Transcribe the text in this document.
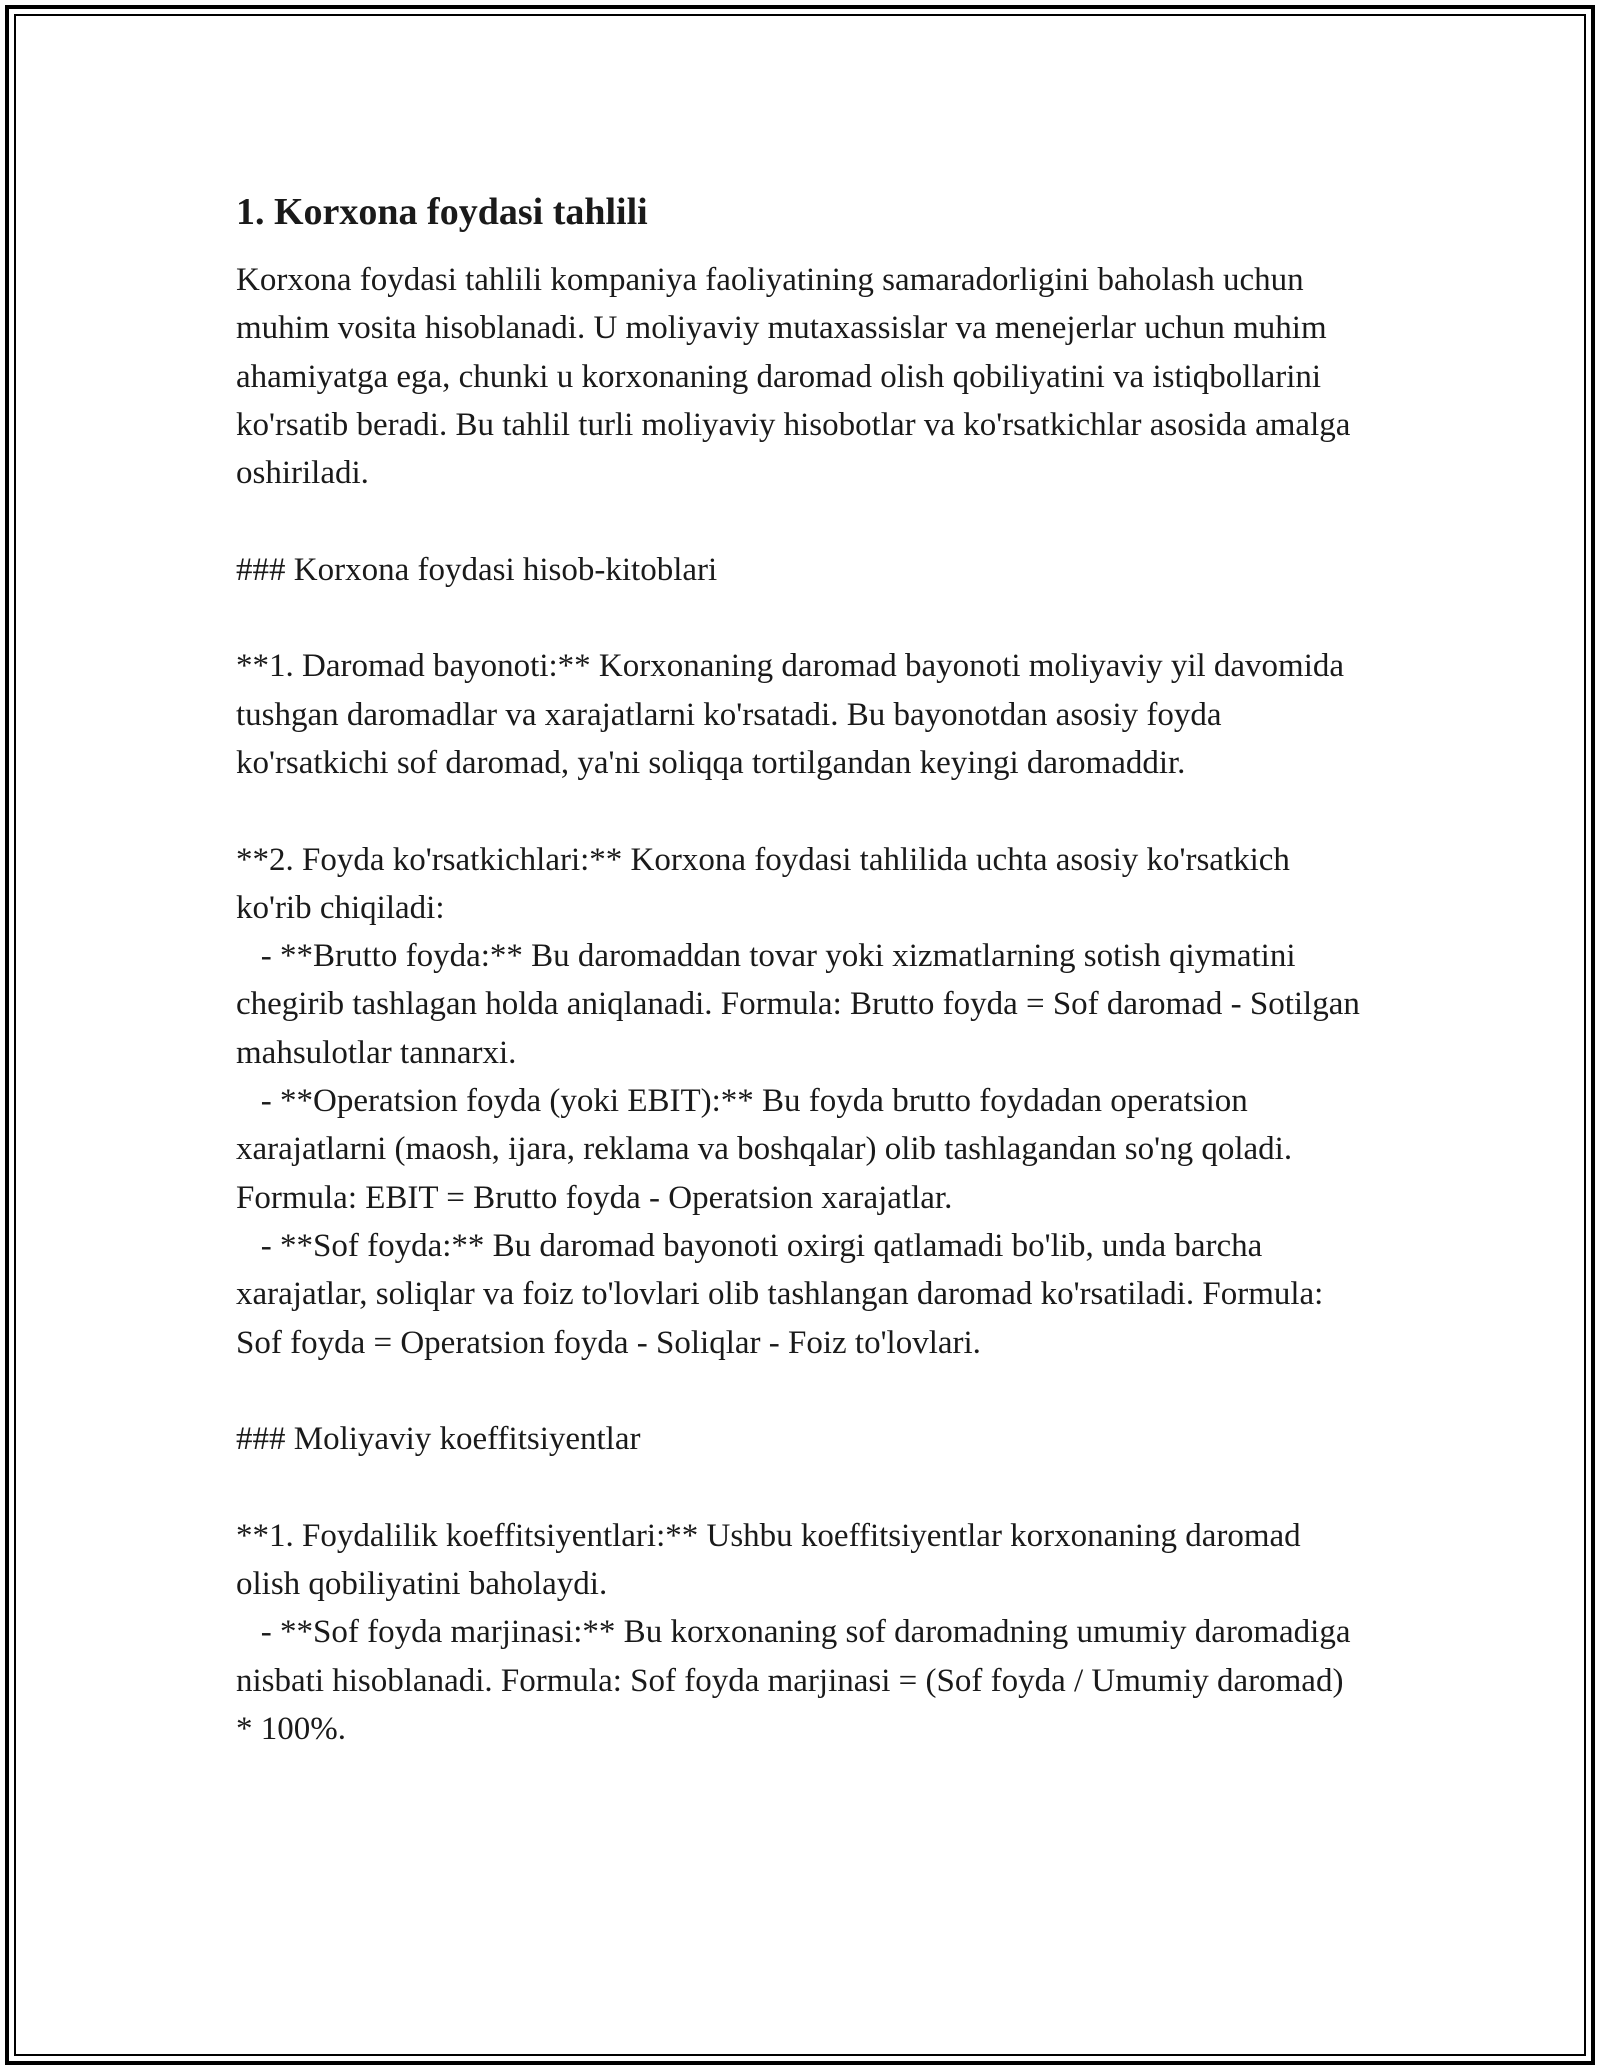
1. Korxona foydasi tahlili

Korxona foydasi tahlili kompaniya faoliyatining samaradorligini baholash uchun muhim vosita hisoblanadi. U moliyaviy mutaxassislar va menejerlar uchun muhim ahamiyatga ega, chunki u korxonaning daromad olish qobiliyatini va istiqbollarini ko'rsatib beradi. Bu tahlil turli moliyaviy hisobotlar va ko'rsatkichlar asosida amalga oshiriladi.

### Korxona foydasi hisob-kitoblari

**1. Daromad bayonoti:** Korxonaning daromad bayonoti moliyaviy yil davomida tushgan daromadlar va xarajatlarni ko'rsatadi. Bu bayonotdan asosiy foyda ko'rsatkichi sof daromad, ya'ni soliqqa tortilgandan keyingi daromaddir.

**2. Foyda ko'rsatkichlari:** Korxona foydasi tahlilida uchta asosiy ko'rsatkich ko'rib chiqiladi:

- **Brutto foyda:** Bu daromaddan tovar yoki xizmatlarning sotish qiymatini chegirib tashlagan holda aniqlanadi. Formula: Brutto foyda = Sof daromad - Sotilgan mahsulotlar tannarxi.

- **Operatsion foyda (yoki EBIT):** Bu foyda brutto foydadan operatsion xarajatlarni (maosh, ijara, reklama va boshqalar) olib tashlagandan so'ng qoladi. Formula: EBIT = Brutto foyda - Operatsion xarajatlar.

- **Sof foyda:** Bu daromad bayonoti oxirgi qatlamadi bo'lib, unda barcha xarajatlar, soliqlar va foiz to'lovlari olib tashlangan daromad ko'rsatiladi. Formula: Sof foyda = Operatsion foyda - Soliqlar - Foiz to'lovlari.

### Moliyaviy koeffitsiyentlar

**1. Foydalilik koeffitsiyentlari:** Ushbu koeffitsiyentlar korxonaning daromad olish qobiliyatini baholaydi.

- **Sof foyda marjinasi:** Bu korxonaning sof daromadning umumiy daromadiga nisbati hisoblanadi. Formula: Sof foyda marjinasi = (Sof foyda / Umumiy daromad) * 100%.
